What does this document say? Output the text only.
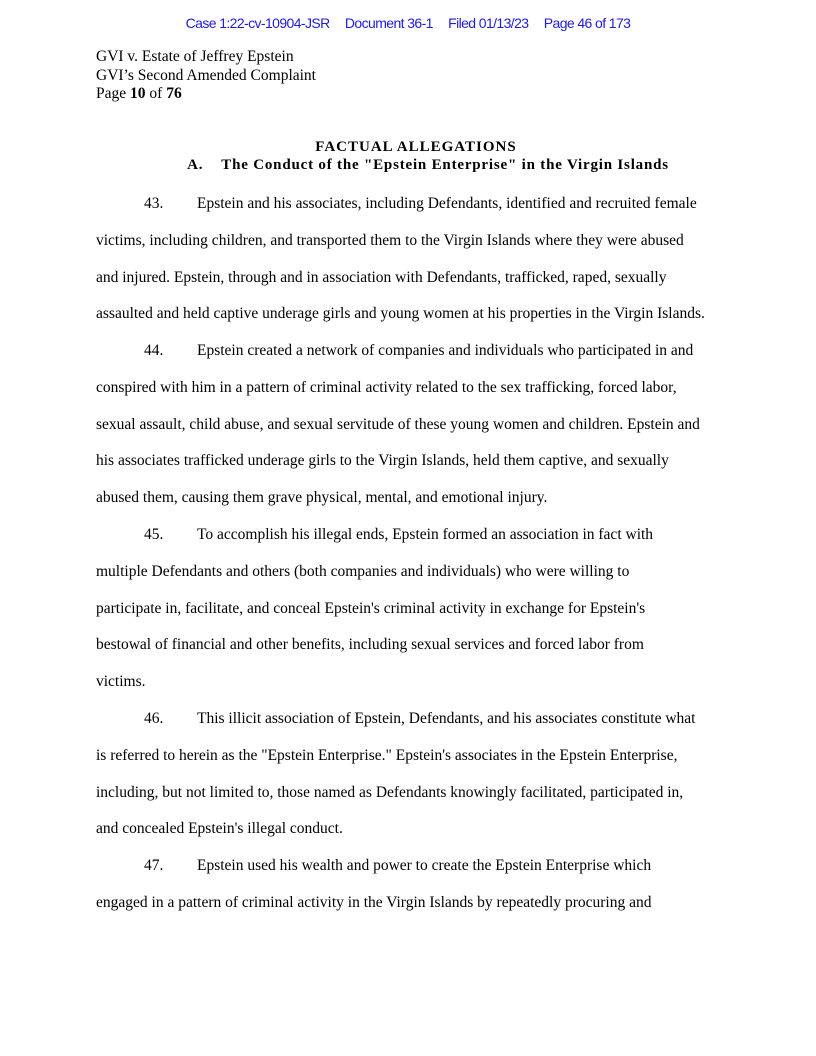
Case 1:22-cv-10904-JSR Document 36-1 Filed 01/13/23 Page 46 of 173
GVI v. Estate of Jeffrey Epstein
GVI’s Second Amended Complaint
Page 10 of 76
FACTUAL ALLEGATIONS
A. The Conduct of the "Epstein Enterprise" in the Virgin Islands
43. Epstein and his associates, including Defendants, identified and recruited female
victims, including children, and transported them to the Virgin Islands where they were abused
and injured. Epstein, through and in association with Defendants, trafficked, raped, sexually
assaulted and held captive underage girls and young women at his properties in the Virgin Islands.
44. Epstein created a network of companies and individuals who participated in and
conspired with him in a pattern of criminal activity related to the sex trafficking, forced labor,
sexual assault, child abuse, and sexual servitude of these young women and children. Epstein and
his associates trafficked underage girls to the Virgin Islands, held them captive, and sexually
abused them, causing them grave physical, mental, and emotional injury.
45. To accomplish his illegal ends, Epstein formed an association in fact with
multiple Defendants and others (both companies and individuals) who were willing to
participate in, facilitate, and conceal Epstein's criminal activity in exchange for Epstein's
bestowal of financial and other benefits, including sexual services and forced labor from
victims.
46. This illicit association of Epstein, Defendants, and his associates constitute what
is referred to herein as the "Epstein Enterprise." Epstein's associates in the Epstein Enterprise,
including, but not limited to, those named as Defendants knowingly facilitated, participated in,
and concealed Epstein's illegal conduct.
47. Epstein used his wealth and power to create the Epstein Enterprise which
engaged in a pattern of criminal activity in the Virgin Islands by repeatedly procuring and
